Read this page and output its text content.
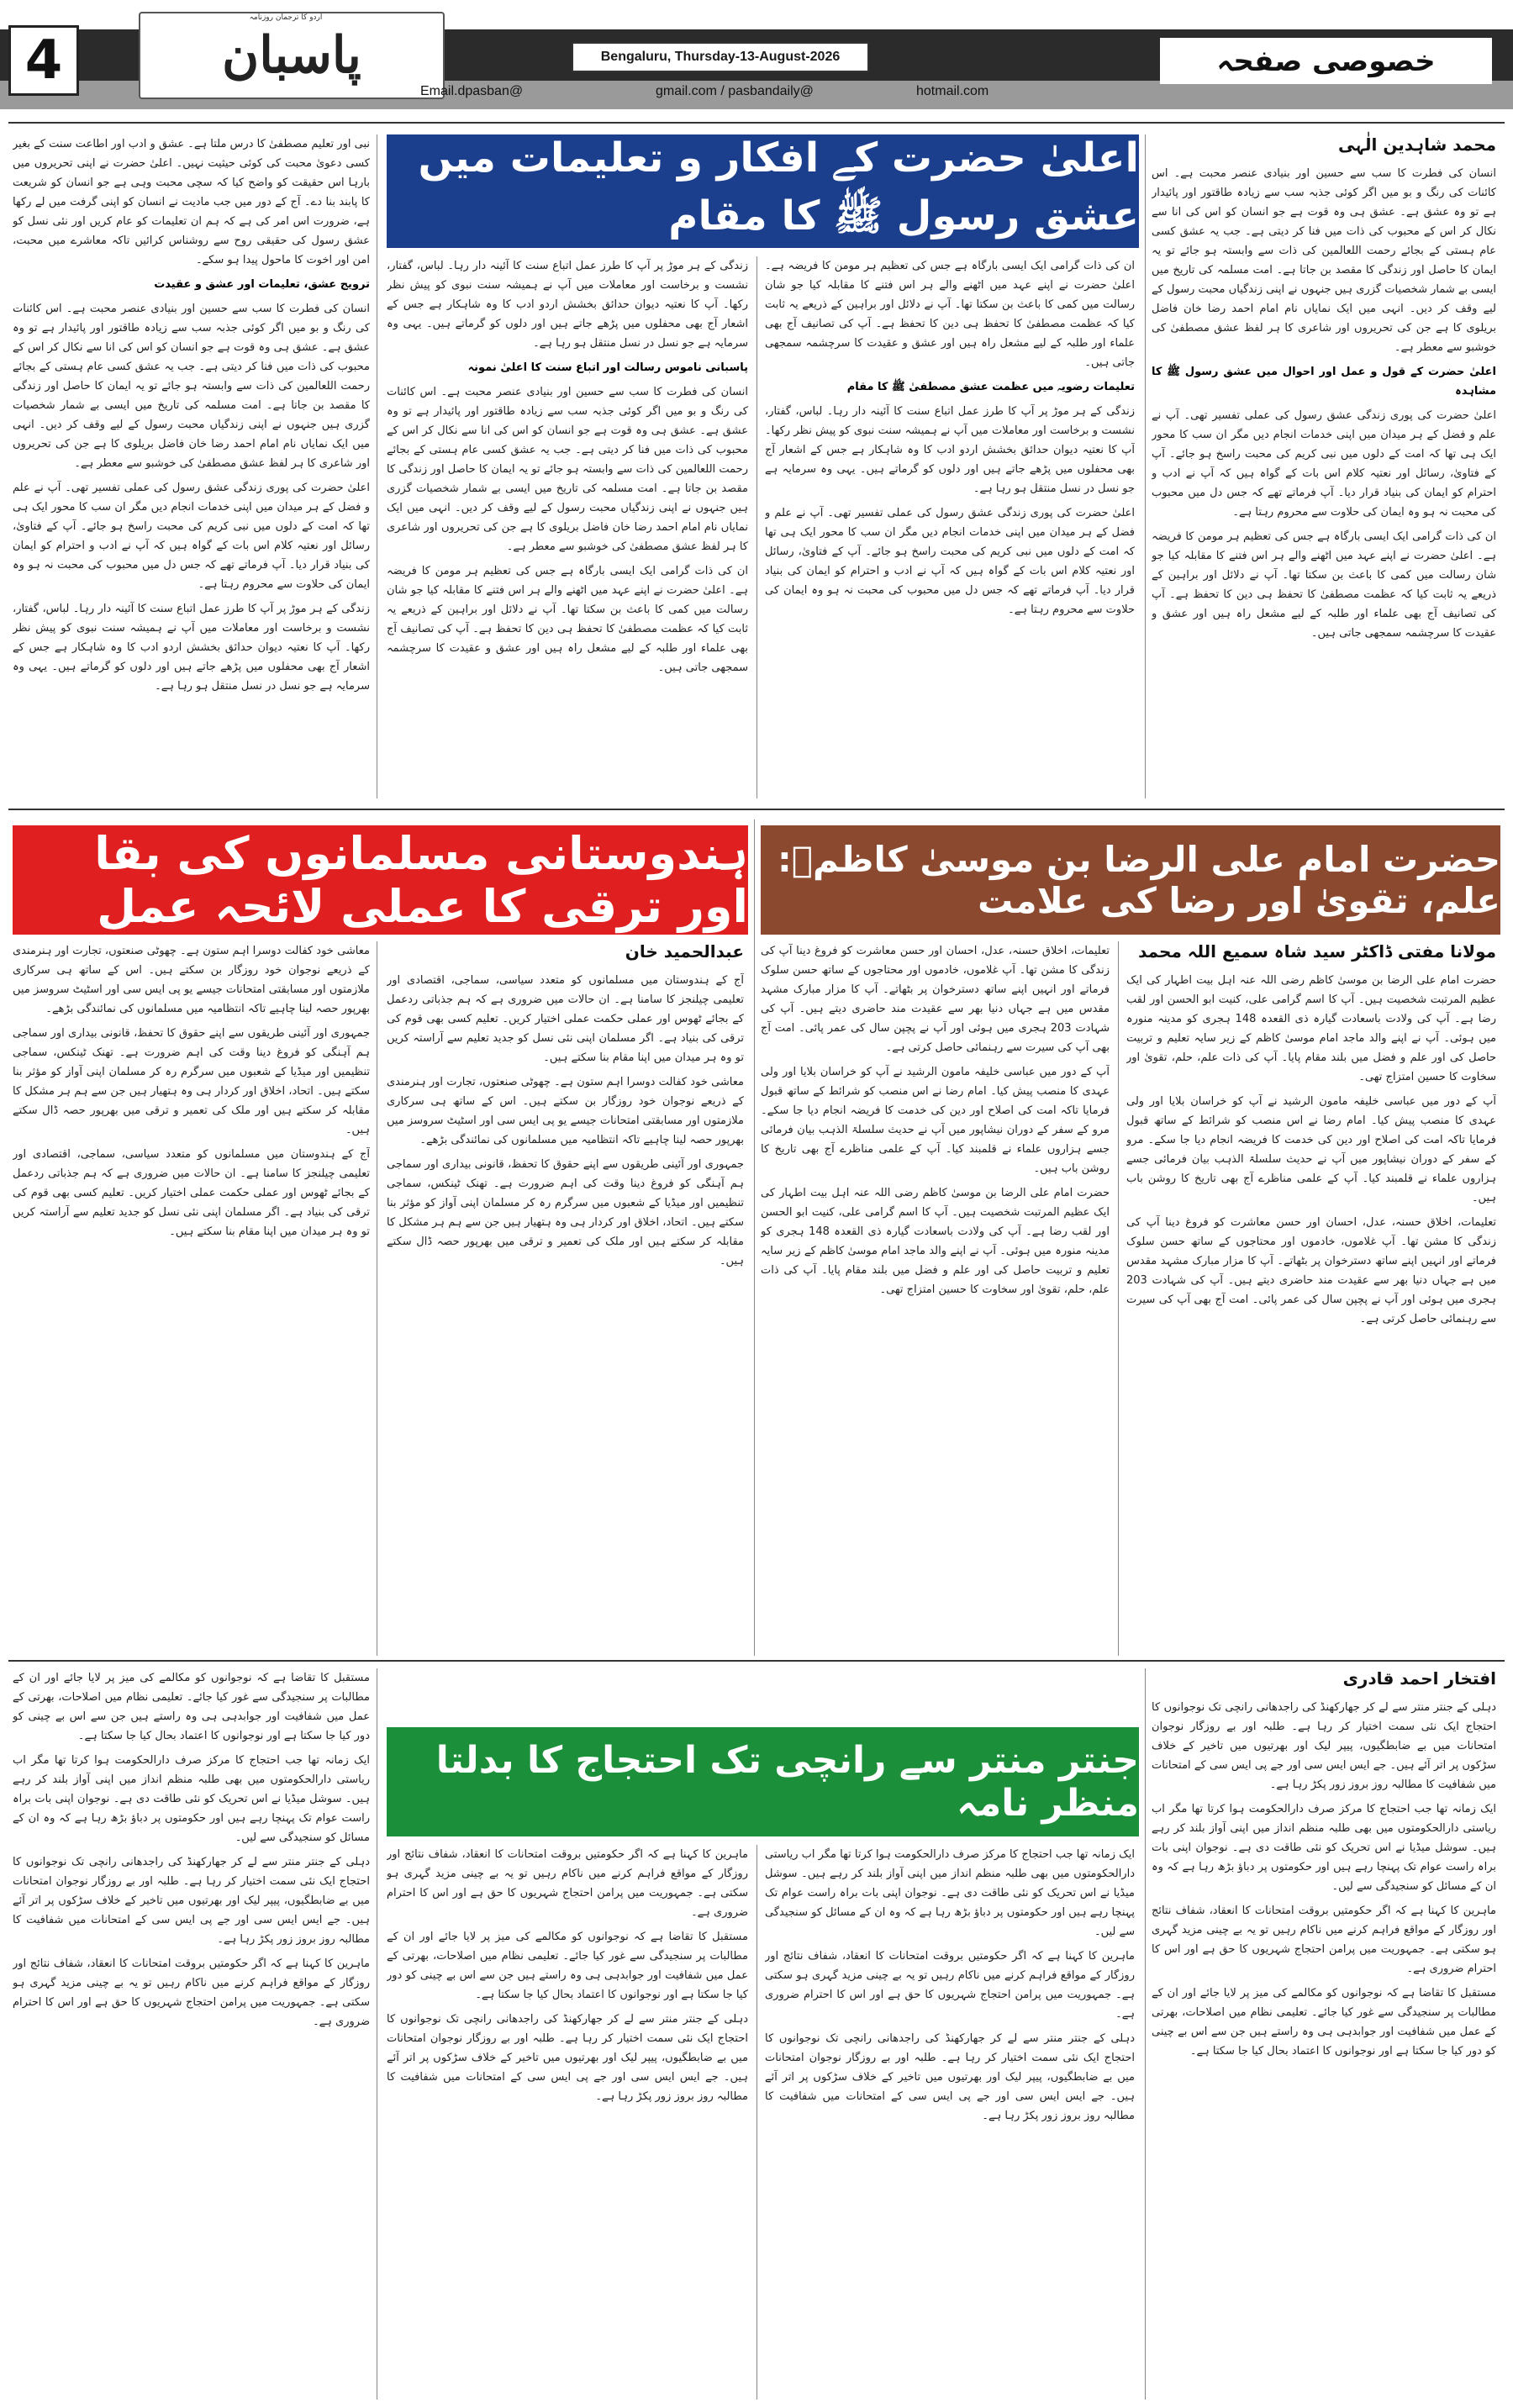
4	پاسبان
اردو کا ترجمان روزنامہ
Bengaluru, Thursday-13-August-2026	خصوصی صفحہ
Email.dpasban@	gmail.com / pasbandaily@	hotmail.com
اعلیٰ حضرت کے افکار و تعلیمات میں عشق رسول ﷺ کا مقام
محمد شاہدین الٰہی

انسان کی فطرت کا سب سے حسین اور بنیادی عنصر محبت ہے۔ اس کائنات کی رنگ و بو میں اگر کوئی جذبہ سب سے زیادہ طاقتور اور پائیدار ہے تو وہ عشق ہے۔ عشق ہی وہ قوت ہے جو انسان کو اس کی انا سے نکال کر اس کے محبوب کی ذات میں فنا کر دیتی ہے۔ جب یہ عشق کسی عام ہستی کے بجائے رحمت اللعالمین کی ذات سے وابستہ ہو جائے تو یہ ایمان کا حاصل اور زندگی کا مقصد بن جاتا ہے۔ امت مسلمہ کی تاریخ میں ایسی بے شمار شخصیات گزری ہیں جنہوں نے اپنی زندگیاں محبت رسول کے لیے وقف کر دیں۔ انہی میں ایک نمایاں نام امام احمد رضا خان فاضل بریلوی کا ہے جن کی تحریروں اور شاعری کا ہر لفظ عشق مصطفیٰ کی خوشبو سے معطر ہے۔

اعلیٰ حضرت کے قول و عمل اور احوال میں عشق رسول ﷺ کا مشاہدہ

اعلیٰ حضرت کی پوری زندگی عشق رسول کی عملی تفسیر تھی۔ آپ نے علم و فضل کے ہر میدان میں اپنی خدمات انجام دیں مگر ان سب کا محور ایک ہی تھا کہ امت کے دلوں میں نبی کریم کی محبت راسخ ہو جائے۔ آپ کے فتاویٰ، رسائل اور نعتیہ کلام اس بات کے گواہ ہیں کہ آپ نے ادب و احترام کو ایمان کی بنیاد قرار دیا۔ آپ فرماتے تھے کہ جس دل میں محبوب کی محبت نہ ہو وہ ایمان کی حلاوت سے محروم رہتا ہے۔

ان کی ذات گرامی ایک ایسی بارگاہ ہے جس کی تعظیم ہر مومن کا فریضہ ہے۔ اعلیٰ حضرت نے اپنے عہد میں اٹھنے والے ہر اس فتنے کا مقابلہ کیا جو شان رسالت میں کمی کا باعث بن سکتا تھا۔ آپ نے دلائل اور براہین کے ذریعے یہ ثابت کیا کہ عظمت مصطفیٰ کا تحفظ ہی دین کا تحفظ ہے۔ آپ کی تصانیف آج بھی علماء اور طلبہ کے لیے مشعل راہ ہیں اور عشق و عقیدت کا سرچشمہ سمجھی جاتی ہیں۔

ان کی ذات گرامی ایک ایسی بارگاہ ہے جس کی تعظیم ہر مومن کا فریضہ ہے۔ اعلیٰ حضرت نے اپنے عہد میں اٹھنے والے ہر اس فتنے کا مقابلہ کیا جو شان رسالت میں کمی کا باعث بن سکتا تھا۔ آپ نے دلائل اور براہین کے ذریعے یہ ثابت کیا کہ عظمت مصطفیٰ کا تحفظ ہی دین کا تحفظ ہے۔ آپ کی تصانیف آج بھی علماء اور طلبہ کے لیے مشعل راہ ہیں اور عشق و عقیدت کا سرچشمہ سمجھی جاتی ہیں۔

تعلیمات رضویہ میں عظمت عشق مصطفیٰ ﷺ کا مقام

زندگی کے ہر موڑ پر آپ کا طرز عمل اتباع سنت کا آئینہ دار رہا۔ لباس، گفتار، نشست و برخاست اور معاملات میں آپ نے ہمیشہ سنت نبوی کو پیش نظر رکھا۔ آپ کا نعتیہ دیوان حدائق بخشش اردو ادب کا وہ شاہکار ہے جس کے اشعار آج بھی محفلوں میں پڑھے جاتے ہیں اور دلوں کو گرماتے ہیں۔ یہی وہ سرمایہ ہے جو نسل در نسل منتقل ہو رہا ہے۔

اعلیٰ حضرت کی پوری زندگی عشق رسول کی عملی تفسیر تھی۔ آپ نے علم و فضل کے ہر میدان میں اپنی خدمات انجام دیں مگر ان سب کا محور ایک ہی تھا کہ امت کے دلوں میں نبی کریم کی محبت راسخ ہو جائے۔ آپ کے فتاویٰ، رسائل اور نعتیہ کلام اس بات کے گواہ ہیں کہ آپ نے ادب و احترام کو ایمان کی بنیاد قرار دیا۔ آپ فرماتے تھے کہ جس دل میں محبوب کی محبت نہ ہو وہ ایمان کی حلاوت سے محروم رہتا ہے۔

زندگی کے ہر موڑ پر آپ کا طرز عمل اتباع سنت کا آئینہ دار رہا۔ لباس، گفتار، نشست و برخاست اور معاملات میں آپ نے ہمیشہ سنت نبوی کو پیش نظر رکھا۔ آپ کا نعتیہ دیوان حدائق بخشش اردو ادب کا وہ شاہکار ہے جس کے اشعار آج بھی محفلوں میں پڑھے جاتے ہیں اور دلوں کو گرماتے ہیں۔ یہی وہ سرمایہ ہے جو نسل در نسل منتقل ہو رہا ہے۔

پاسبانی ناموس رسالت اور اتباع سنت کا اعلیٰ نمونہ

انسان کی فطرت کا سب سے حسین اور بنیادی عنصر محبت ہے۔ اس کائنات کی رنگ و بو میں اگر کوئی جذبہ سب سے زیادہ طاقتور اور پائیدار ہے تو وہ عشق ہے۔ عشق ہی وہ قوت ہے جو انسان کو اس کی انا سے نکال کر اس کے محبوب کی ذات میں فنا کر دیتی ہے۔ جب یہ عشق کسی عام ہستی کے بجائے رحمت اللعالمین کی ذات سے وابستہ ہو جائے تو یہ ایمان کا حاصل اور زندگی کا مقصد بن جاتا ہے۔ امت مسلمہ کی تاریخ میں ایسی بے شمار شخصیات گزری ہیں جنہوں نے اپنی زندگیاں محبت رسول کے لیے وقف کر دیں۔ انہی میں ایک نمایاں نام امام احمد رضا خان فاضل بریلوی کا ہے جن کی تحریروں اور شاعری کا ہر لفظ عشق مصطفیٰ کی خوشبو سے معطر ہے۔

ان کی ذات گرامی ایک ایسی بارگاہ ہے جس کی تعظیم ہر مومن کا فریضہ ہے۔ اعلیٰ حضرت نے اپنے عہد میں اٹھنے والے ہر اس فتنے کا مقابلہ کیا جو شان رسالت میں کمی کا باعث بن سکتا تھا۔ آپ نے دلائل اور براہین کے ذریعے یہ ثابت کیا کہ عظمت مصطفیٰ کا تحفظ ہی دین کا تحفظ ہے۔ آپ کی تصانیف آج بھی علماء اور طلبہ کے لیے مشعل راہ ہیں اور عشق و عقیدت کا سرچشمہ سمجھی جاتی ہیں۔

نبی اور تعلیم مصطفیٰ کا درس ملتا ہے۔ عشق و ادب اور اطاعت سنت کے بغیر کسی دعویٰ محبت کی کوئی حیثیت نہیں۔ اعلیٰ حضرت نے اپنی تحریروں میں بارہا اس حقیقت کو واضح کیا کہ سچی محبت وہی ہے جو انسان کو شریعت کا پابند بنا دے۔ آج کے دور میں جب مادیت نے انسان کو اپنی گرفت میں لے رکھا ہے، ضرورت اس امر کی ہے کہ ہم ان تعلیمات کو عام کریں اور نئی نسل کو عشق رسول کی حقیقی روح سے روشناس کرائیں تاکہ معاشرے میں محبت، امن اور اخوت کا ماحول پیدا ہو سکے۔

ترویج عشق، تعلیمات اور عشق و عقیدت

انسان کی فطرت کا سب سے حسین اور بنیادی عنصر محبت ہے۔ اس کائنات کی رنگ و بو میں اگر کوئی جذبہ سب سے زیادہ طاقتور اور پائیدار ہے تو وہ عشق ہے۔ عشق ہی وہ قوت ہے جو انسان کو اس کی انا سے نکال کر اس کے محبوب کی ذات میں فنا کر دیتی ہے۔ جب یہ عشق کسی عام ہستی کے بجائے رحمت اللعالمین کی ذات سے وابستہ ہو جائے تو یہ ایمان کا حاصل اور زندگی کا مقصد بن جاتا ہے۔ امت مسلمہ کی تاریخ میں ایسی بے شمار شخصیات گزری ہیں جنہوں نے اپنی زندگیاں محبت رسول کے لیے وقف کر دیں۔ انہی میں ایک نمایاں نام امام احمد رضا خان فاضل بریلوی کا ہے جن کی تحریروں اور شاعری کا ہر لفظ عشق مصطفیٰ کی خوشبو سے معطر ہے۔

اعلیٰ حضرت کی پوری زندگی عشق رسول کی عملی تفسیر تھی۔ آپ نے علم و فضل کے ہر میدان میں اپنی خدمات انجام دیں مگر ان سب کا محور ایک ہی تھا کہ امت کے دلوں میں نبی کریم کی محبت راسخ ہو جائے۔ آپ کے فتاویٰ، رسائل اور نعتیہ کلام اس بات کے گواہ ہیں کہ آپ نے ادب و احترام کو ایمان کی بنیاد قرار دیا۔ آپ فرماتے تھے کہ جس دل میں محبوب کی محبت نہ ہو وہ ایمان کی حلاوت سے محروم رہتا ہے۔

زندگی کے ہر موڑ پر آپ کا طرز عمل اتباع سنت کا آئینہ دار رہا۔ لباس، گفتار، نشست و برخاست اور معاملات میں آپ نے ہمیشہ سنت نبوی کو پیش نظر رکھا۔ آپ کا نعتیہ دیوان حدائق بخشش اردو ادب کا وہ شاہکار ہے جس کے اشعار آج بھی محفلوں میں پڑھے جاتے ہیں اور دلوں کو گرماتے ہیں۔ یہی وہ سرمایہ ہے جو نسل در نسل منتقل ہو رہا ہے۔

حضرت امام علی الرضا بن موسیٰ کاظمؒ: علم، تقویٰ اور رضا کی علامت
مولانا مفتی ڈاکٹر سید شاہ سمیع اللہ محمد

حضرت امام علی الرضا بن موسیٰ کاظم رضی اللہ عنہ اہل بیت اطہار کی ایک عظیم المرتبت شخصیت ہیں۔ آپ کا اسم گرامی علی، کنیت ابو الحسن اور لقب رضا ہے۔ آپ کی ولادت باسعادت گیارہ ذی القعدہ 148 ہجری کو مدینہ منورہ میں ہوئی۔ آپ نے اپنے والد ماجد امام موسیٰ کاظم کے زیر سایہ تعلیم و تربیت حاصل کی اور علم و فضل میں بلند مقام پایا۔ آپ کی ذات علم، حلم، تقویٰ اور سخاوت کا حسین امتزاج تھی۔

آپ کے دور میں عباسی خلیفہ مامون الرشید نے آپ کو خراسان بلایا اور ولی عہدی کا منصب پیش کیا۔ امام رضا نے اس منصب کو شرائط کے ساتھ قبول فرمایا تاکہ امت کی اصلاح اور دین کی خدمت کا فریضہ انجام دیا جا سکے۔ مرو کے سفر کے دوران نیشاپور میں آپ نے حدیث سلسلۃ الذہب بیان فرمائی جسے ہزاروں علماء نے قلمبند کیا۔ آپ کے علمی مناظرے آج بھی تاریخ کا روشن باب ہیں۔

تعلیمات، اخلاق حسنہ، عدل، احسان اور حسن معاشرت کو فروغ دینا آپ کی زندگی کا مشن تھا۔ آپ غلاموں، خادموں اور محتاجوں کے ساتھ حسن سلوک فرماتے اور انہیں اپنے ساتھ دسترخوان پر بٹھاتے۔ آپ کا مزار مبارک مشہد مقدس میں ہے جہاں دنیا بھر سے عقیدت مند حاضری دیتے ہیں۔ آپ کی شہادت 203 ہجری میں ہوئی اور آپ نے پچپن سال کی عمر پائی۔ امت آج بھی آپ کی سیرت سے رہنمائی حاصل کرتی ہے۔

تعلیمات، اخلاق حسنہ، عدل، احسان اور حسن معاشرت کو فروغ دینا آپ کی زندگی کا مشن تھا۔ آپ غلاموں، خادموں اور محتاجوں کے ساتھ حسن سلوک فرماتے اور انہیں اپنے ساتھ دسترخوان پر بٹھاتے۔ آپ کا مزار مبارک مشہد مقدس میں ہے جہاں دنیا بھر سے عقیدت مند حاضری دیتے ہیں۔ آپ کی شہادت 203 ہجری میں ہوئی اور آپ نے پچپن سال کی عمر پائی۔ امت آج بھی آپ کی سیرت سے رہنمائی حاصل کرتی ہے۔

آپ کے دور میں عباسی خلیفہ مامون الرشید نے آپ کو خراسان بلایا اور ولی عہدی کا منصب پیش کیا۔ امام رضا نے اس منصب کو شرائط کے ساتھ قبول فرمایا تاکہ امت کی اصلاح اور دین کی خدمت کا فریضہ انجام دیا جا سکے۔ مرو کے سفر کے دوران نیشاپور میں آپ نے حدیث سلسلۃ الذہب بیان فرمائی جسے ہزاروں علماء نے قلمبند کیا۔ آپ کے علمی مناظرے آج بھی تاریخ کا روشن باب ہیں۔

حضرت امام علی الرضا بن موسیٰ کاظم رضی اللہ عنہ اہل بیت اطہار کی ایک عظیم المرتبت شخصیت ہیں۔ آپ کا اسم گرامی علی، کنیت ابو الحسن اور لقب رضا ہے۔ آپ کی ولادت باسعادت گیارہ ذی القعدہ 148 ہجری کو مدینہ منورہ میں ہوئی۔ آپ نے اپنے والد ماجد امام موسیٰ کاظم کے زیر سایہ تعلیم و تربیت حاصل کی اور علم و فضل میں بلند مقام پایا۔ آپ کی ذات علم، حلم، تقویٰ اور سخاوت کا حسین امتزاج تھی۔

ہندوستانی مسلمانوں کی بقا اور ترقی کا عملی لائحہ عمل
عبدالحمید خان

آج کے ہندوستان میں مسلمانوں کو متعدد سیاسی، سماجی، اقتصادی اور تعلیمی چیلنجز کا سامنا ہے۔ ان حالات میں ضروری ہے کہ ہم جذباتی ردعمل کے بجائے ٹھوس اور عملی حکمت عملی اختیار کریں۔ تعلیم کسی بھی قوم کی ترقی کی بنیاد ہے۔ اگر مسلمان اپنی نئی نسل کو جدید تعلیم سے آراستہ کریں تو وہ ہر میدان میں اپنا مقام بنا سکتے ہیں۔

معاشی خود کفالت دوسرا اہم ستون ہے۔ چھوٹی صنعتوں، تجارت اور ہنرمندی کے ذریعے نوجوان خود روزگار بن سکتے ہیں۔ اس کے ساتھ ہی سرکاری ملازمتوں اور مسابقتی امتحانات جیسے یو پی ایس سی اور اسٹیٹ سروسز میں بھرپور حصہ لینا چاہیے تاکہ انتظامیہ میں مسلمانوں کی نمائندگی بڑھے۔

جمہوری اور آئینی طریقوں سے اپنے حقوق کا تحفظ، قانونی بیداری اور سماجی ہم آہنگی کو فروغ دینا وقت کی اہم ضرورت ہے۔ تھنک ٹینکس، سماجی تنظیمیں اور میڈیا کے شعبوں میں سرگرم رہ کر مسلمان اپنی آواز کو مؤثر بنا سکتے ہیں۔ اتحاد، اخلاق اور کردار ہی وہ ہتھیار ہیں جن سے ہم ہر مشکل کا مقابلہ کر سکتے ہیں اور ملک کی تعمیر و ترقی میں بھرپور حصہ ڈال سکتے ہیں۔

معاشی خود کفالت دوسرا اہم ستون ہے۔ چھوٹی صنعتوں، تجارت اور ہنرمندی کے ذریعے نوجوان خود روزگار بن سکتے ہیں۔ اس کے ساتھ ہی سرکاری ملازمتوں اور مسابقتی امتحانات جیسے یو پی ایس سی اور اسٹیٹ سروسز میں بھرپور حصہ لینا چاہیے تاکہ انتظامیہ میں مسلمانوں کی نمائندگی بڑھے۔

جمہوری اور آئینی طریقوں سے اپنے حقوق کا تحفظ، قانونی بیداری اور سماجی ہم آہنگی کو فروغ دینا وقت کی اہم ضرورت ہے۔ تھنک ٹینکس، سماجی تنظیمیں اور میڈیا کے شعبوں میں سرگرم رہ کر مسلمان اپنی آواز کو مؤثر بنا سکتے ہیں۔ اتحاد، اخلاق اور کردار ہی وہ ہتھیار ہیں جن سے ہم ہر مشکل کا مقابلہ کر سکتے ہیں اور ملک کی تعمیر و ترقی میں بھرپور حصہ ڈال سکتے ہیں۔

آج کے ہندوستان میں مسلمانوں کو متعدد سیاسی، سماجی، اقتصادی اور تعلیمی چیلنجز کا سامنا ہے۔ ان حالات میں ضروری ہے کہ ہم جذباتی ردعمل کے بجائے ٹھوس اور عملی حکمت عملی اختیار کریں۔ تعلیم کسی بھی قوم کی ترقی کی بنیاد ہے۔ اگر مسلمان اپنی نئی نسل کو جدید تعلیم سے آراستہ کریں تو وہ ہر میدان میں اپنا مقام بنا سکتے ہیں۔

جنتر منتر سے رانچی تک احتجاج کا بدلتا منظر نامہ
افتخار احمد قادری

دہلی کے جنتر منتر سے لے کر جھارکھنڈ کی راجدھانی رانچی تک نوجوانوں کا احتجاج ایک نئی سمت اختیار کر رہا ہے۔ طلبہ اور بے روزگار نوجوان امتحانات میں بے ضابطگیوں، پیپر لیک اور بھرتیوں میں تاخیر کے خلاف سڑکوں پر اتر آئے ہیں۔ جے ایس ایس سی اور جے پی ایس سی کے امتحانات میں شفافیت کا مطالبہ روز بروز زور پکڑ رہا ہے۔

ایک زمانہ تھا جب احتجاج کا مرکز صرف دارالحکومت ہوا کرتا تھا مگر اب ریاستی دارالحکومتوں میں بھی طلبہ منظم انداز میں اپنی آواز بلند کر رہے ہیں۔ سوشل میڈیا نے اس تحریک کو نئی طاقت دی ہے۔ نوجوان اپنی بات براہ راست عوام تک پہنچا رہے ہیں اور حکومتوں پر دباؤ بڑھ رہا ہے کہ وہ ان کے مسائل کو سنجیدگی سے لیں۔

ماہرین کا کہنا ہے کہ اگر حکومتیں بروقت امتحانات کا انعقاد، شفاف نتائج اور روزگار کے مواقع فراہم کرنے میں ناکام رہیں تو یہ بے چینی مزید گہری ہو سکتی ہے۔ جمہوریت میں پرامن احتجاج شہریوں کا حق ہے اور اس کا احترام ضروری ہے۔

مستقبل کا تقاضا ہے کہ نوجوانوں کو مکالمے کی میز پر لایا جائے اور ان کے مطالبات پر سنجیدگی سے غور کیا جائے۔ تعلیمی نظام میں اصلاحات، بھرتی کے عمل میں شفافیت اور جوابدہی ہی وہ راستے ہیں جن سے اس بے چینی کو دور کیا جا سکتا ہے اور نوجوانوں کا اعتماد بحال کیا جا سکتا ہے۔

ایک زمانہ تھا جب احتجاج کا مرکز صرف دارالحکومت ہوا کرتا تھا مگر اب ریاستی دارالحکومتوں میں بھی طلبہ منظم انداز میں اپنی آواز بلند کر رہے ہیں۔ سوشل میڈیا نے اس تحریک کو نئی طاقت دی ہے۔ نوجوان اپنی بات براہ راست عوام تک پہنچا رہے ہیں اور حکومتوں پر دباؤ بڑھ رہا ہے کہ وہ ان کے مسائل کو سنجیدگی سے لیں۔

ماہرین کا کہنا ہے کہ اگر حکومتیں بروقت امتحانات کا انعقاد، شفاف نتائج اور روزگار کے مواقع فراہم کرنے میں ناکام رہیں تو یہ بے چینی مزید گہری ہو سکتی ہے۔ جمہوریت میں پرامن احتجاج شہریوں کا حق ہے اور اس کا احترام ضروری ہے۔

دہلی کے جنتر منتر سے لے کر جھارکھنڈ کی راجدھانی رانچی تک نوجوانوں کا احتجاج ایک نئی سمت اختیار کر رہا ہے۔ طلبہ اور بے روزگار نوجوان امتحانات میں بے ضابطگیوں، پیپر لیک اور بھرتیوں میں تاخیر کے خلاف سڑکوں پر اتر آئے ہیں۔ جے ایس ایس سی اور جے پی ایس سی کے امتحانات میں شفافیت کا مطالبہ روز بروز زور پکڑ رہا ہے۔

ماہرین کا کہنا ہے کہ اگر حکومتیں بروقت امتحانات کا انعقاد، شفاف نتائج اور روزگار کے مواقع فراہم کرنے میں ناکام رہیں تو یہ بے چینی مزید گہری ہو سکتی ہے۔ جمہوریت میں پرامن احتجاج شہریوں کا حق ہے اور اس کا احترام ضروری ہے۔

مستقبل کا تقاضا ہے کہ نوجوانوں کو مکالمے کی میز پر لایا جائے اور ان کے مطالبات پر سنجیدگی سے غور کیا جائے۔ تعلیمی نظام میں اصلاحات، بھرتی کے عمل میں شفافیت اور جوابدہی ہی وہ راستے ہیں جن سے اس بے چینی کو دور کیا جا سکتا ہے اور نوجوانوں کا اعتماد بحال کیا جا سکتا ہے۔

دہلی کے جنتر منتر سے لے کر جھارکھنڈ کی راجدھانی رانچی تک نوجوانوں کا احتجاج ایک نئی سمت اختیار کر رہا ہے۔ طلبہ اور بے روزگار نوجوان امتحانات میں بے ضابطگیوں، پیپر لیک اور بھرتیوں میں تاخیر کے خلاف سڑکوں پر اتر آئے ہیں۔ جے ایس ایس سی اور جے پی ایس سی کے امتحانات میں شفافیت کا مطالبہ روز بروز زور پکڑ رہا ہے۔

مستقبل کا تقاضا ہے کہ نوجوانوں کو مکالمے کی میز پر لایا جائے اور ان کے مطالبات پر سنجیدگی سے غور کیا جائے۔ تعلیمی نظام میں اصلاحات، بھرتی کے عمل میں شفافیت اور جوابدہی ہی وہ راستے ہیں جن سے اس بے چینی کو دور کیا جا سکتا ہے اور نوجوانوں کا اعتماد بحال کیا جا سکتا ہے۔

ایک زمانہ تھا جب احتجاج کا مرکز صرف دارالحکومت ہوا کرتا تھا مگر اب ریاستی دارالحکومتوں میں بھی طلبہ منظم انداز میں اپنی آواز بلند کر رہے ہیں۔ سوشل میڈیا نے اس تحریک کو نئی طاقت دی ہے۔ نوجوان اپنی بات براہ راست عوام تک پہنچا رہے ہیں اور حکومتوں پر دباؤ بڑھ رہا ہے کہ وہ ان کے مسائل کو سنجیدگی سے لیں۔

دہلی کے جنتر منتر سے لے کر جھارکھنڈ کی راجدھانی رانچی تک نوجوانوں کا احتجاج ایک نئی سمت اختیار کر رہا ہے۔ طلبہ اور بے روزگار نوجوان امتحانات میں بے ضابطگیوں، پیپر لیک اور بھرتیوں میں تاخیر کے خلاف سڑکوں پر اتر آئے ہیں۔ جے ایس ایس سی اور جے پی ایس سی کے امتحانات میں شفافیت کا مطالبہ روز بروز زور پکڑ رہا ہے۔

ماہرین کا کہنا ہے کہ اگر حکومتیں بروقت امتحانات کا انعقاد، شفاف نتائج اور روزگار کے مواقع فراہم کرنے میں ناکام رہیں تو یہ بے چینی مزید گہری ہو سکتی ہے۔ جمہوریت میں پرامن احتجاج شہریوں کا حق ہے اور اس کا احترام ضروری ہے۔
